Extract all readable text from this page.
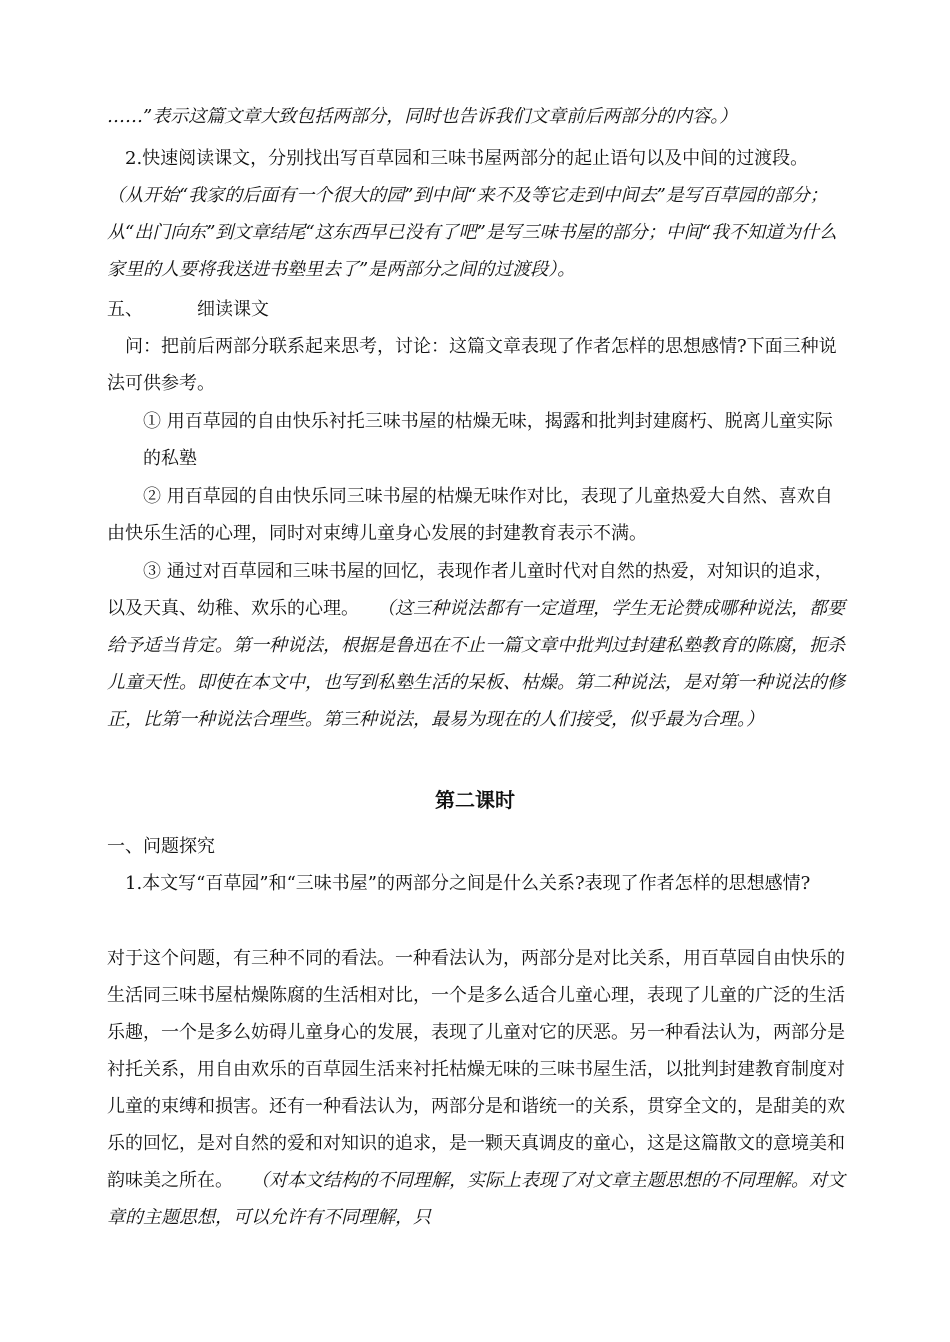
……”表示这篇文章大致包括两部分，同时也告诉我们文章前后两部分的内容。）

2.快速阅读课文，分别找出写百草园和三味书屋两部分的起止语句以及中间的过渡段。

（从开始“我家的后面有一个很大的园”到中间“来不及等它走到中间去”是写百草园的部分；从“出门向东”到文章结尾“这东西早已没有了吧”是写三味书屋的部分；中间“我不知道为什么家里的人要将我送进书塾里去了”是两部分之间的过渡段）。

五、	细读课文

问：把前后两部分联系起来思考，讨论：这篇文章表现了作者怎样的思想感情?下面三种说法可供参考。

① 用百草园的自由快乐衬托三味书屋的枯燥无味，揭露和批判封建腐朽、脱离儿童实际的私塾

② 用百草园的自由快乐同三味书屋的枯燥无味作对比，表现了儿童热爱大自然、喜欢自由快乐生活的心理，同时对束缚儿童身心发展的封建教育表示不满。

③ 通过对百草园和三味书屋的回忆，表现作者儿童时代对自然的热爱，对知识的追求，以及天真、幼稚、欢乐的心理。 （这三种说法都有一定道理，学生无论赞成哪种说法，都要给予适当肯定。第一种说法，根据是鲁迅在不止一篇文章中批判过封建私塾教育的陈腐，扼杀儿童天性。即使在本文中，也写到私塾生活的呆板、枯燥。第二种说法，是对第一种说法的修正，比第一种说法合理些。第三种说法，最易为现在的人们接受，似乎最为合理。）

第二课时

一、问题探究

1.本文写“百草园”和“三味书屋”的两部分之间是什么关系?表现了作者怎样的思想感情?

对于这个问题，有三种不同的看法。一种看法认为，两部分是对比关系，用百草园自由快乐的生活同三味书屋枯燥陈腐的生活相对比，一个是多么适合儿童心理，表现了儿童的广泛的生活乐趣，一个是多么妨碍儿童身心的发展，表现了儿童对它的厌恶。另一种看法认为，两部分是衬托关系，用自由欢乐的百草园生活来衬托枯燥无味的三味书屋生活，以批判封建教育制度对儿童的束缚和损害。还有一种看法认为，两部分是和谐统一的关系，贯穿全文的，是甜美的欢乐的回忆，是对自然的爱和对知识的追求，是一颗天真调皮的童心，这是这篇散文的意境美和韵味美之所在。 （对本文结构的不同理解，实际上表现了对文章主题思想的不同理解。对文章的主题思想，可以允许有不同理解，只
